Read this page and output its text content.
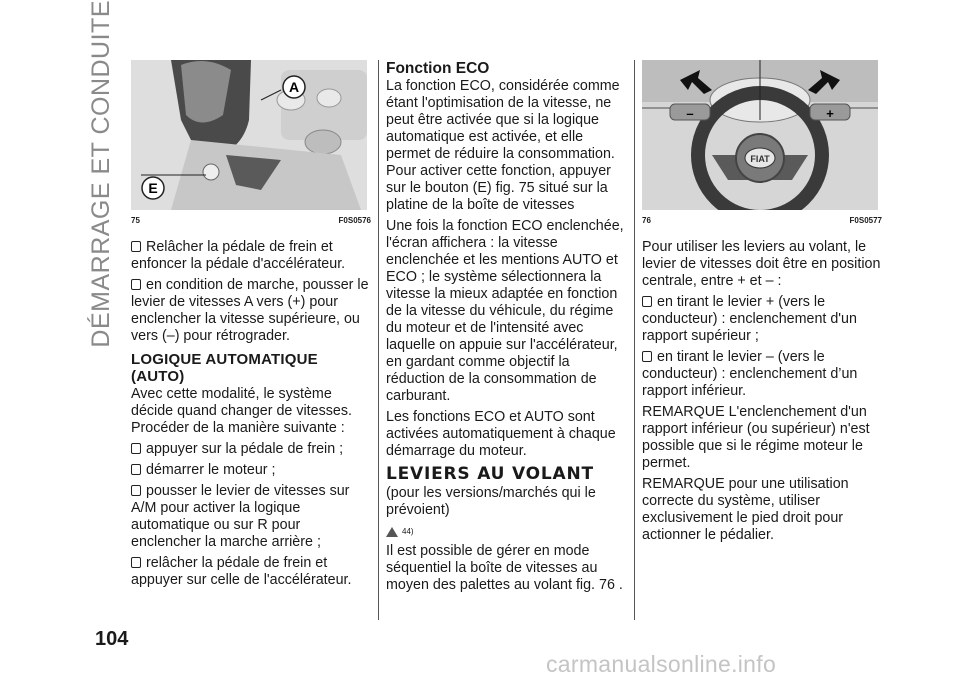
DÉMARRAGE ET CONDUITE	A
E
75	F0S0576

Relâcher la pédale de frein et enfoncer la pédale d'accélérateur.

en condition de marche, pousser le levier de vitesses A vers (+) pour enclencher la vitesse supérieure, ou vers (–) pour rétrograder.

LOGIQUE AUTOMATIQUE (AUTO)

Avec cette modalité, le système décide quand changer de vitesses. Procéder de la manière suivante :

appuyer sur la pédale de frein ;

démarrer le moteur ;

pousser le levier de vitesses sur A/M pour activer la logique automatique ou sur R pour enclencher la marche arrière ;

relâcher la pédale de frein et appuyer sur celle de l'accélérateur.

Fonction ECO

La fonction ECO, considérée comme étant l'optimisation de la vitesse, ne peut être activée que si la logique automatique est activée, et elle permet de réduire la consommation. Pour activer cette fonction, appuyer sur le bouton (E) fig. 75 situé sur la platine de la boîte de vitesses

Une fois la fonction ECO enclenchée, l'écran affichera : la vitesse enclenchée et les mentions AUTO et ECO ; le système sélectionnera la vitesse la mieux adaptée en fonction de la vitesse du véhicule, du régime du moteur et de l'intensité avec laquelle on appuie sur l'accélérateur, en gardant comme objectif la réduction de la consommation de carburant.

Les fonctions ECO et AUTO sont activées automatiquement à chaque démarrage du moteur.

LEVIERS AU VOLANT

(pour les versions/marchés qui le prévoient)

44)

Il est possible de gérer en mode séquentiel la boîte de vitesses au moyen des palettes au volant fig. 76 .

FIAT
–	+
76	F0S0577

Pour utiliser les leviers au volant, le levier de vitesses doit être en position centrale, entre + et – :

en tirant le levier + (vers le conducteur) : enclenchement d'un rapport supérieur ;

en tirant le levier – (vers le conducteur) : enclenchement d’un rapport inférieur.

REMARQUE L'enclenchement d'un rapport inférieur (ou supérieur) n'est possible que si le régime moteur le permet.

REMARQUE pour une utilisation correcte du système, utiliser exclusivement le pied droit pour actionner le pédalier.

104
carmanualsonline.info
